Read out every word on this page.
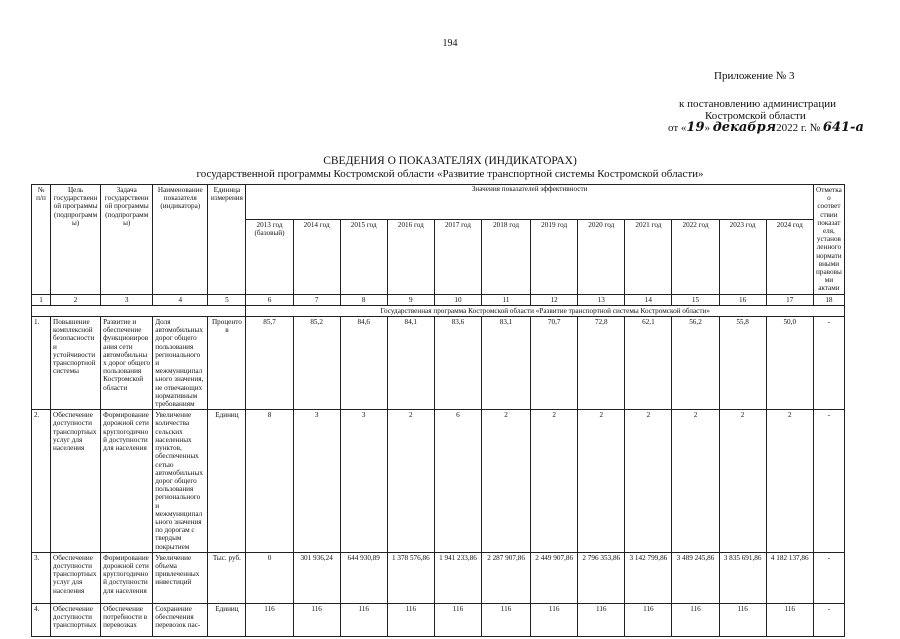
194
Приложение № 3
к постановлению администрации
Костромской области
от «19» декабря2022 г. № 641-а
СВЕДЕНИЯ О ПОКАЗАТЕЛЯХ (ИНДИКАТОРАХ)
государственной программы Костромской области «Развитие транспортной системы Костромской области»
№ п/п	Цель государственной программы (подпрограммы)	Задача государственной программы (подпрограммы)	Наименование показателя (индикатора)	Единица измерения	Значения показателей эффективности												Отметка о соответствии показателя, установленного нормативными правовыми актами
					2013 год (базовый)	2014 год	2015 год	2016 год	2017 год	2018 год	2019 год	2020 год	2021 год	2022 год	2023 год	2024 год	
1	2	3	4	5	6	7	8	9	10	11	12	13	14	15	16	17	18
					Государственная программа Костромской области «Развитие транспортной системы Костромской области»												
1.	Повышение комплексной безопасности и устойчивости транспортной системы	Развитие и обеспечение функционирования сети автомобильных дорог общего пользования Костромской области	Доля автомобильных дорог общего пользования регионального и межмуниципального значения, не отвечающих нормативным требованиям	Процентов	85,7	85,2	84,6	84,1	83,6	83,1	70,7	72,8	62,1	56,2	55,8	50,0	-
2.	Обеспечение доступности транспортных услуг для населения	Формирование дорожной сети круглогодичной доступности для населения	Увеличение количества сельских населенных пунктов, обеспеченных сетью автомобильных дорог общего пользования регионального и межмуниципального значения по дорогам с твердым покрытием	Единиц	8	3	3	2	6	2	2	2	2	2	2	2	-
3.	Обеспечение доступности транспортных услуг для населения	Формирование дорожной сети круглогодичной доступности для населения	Увеличение объема привлеченных инвестиций	Тыс. руб.	0	301 936,24	644 930,89	1 378 576,86	1 941 233,86	2 287 907,86	2 449 907,86	2 796 353,86	3 142 799,86	3 489 245,86	3 835 691,86	4 182 137,86	-
4.	Обеспечение доступности транспортных	Обеспечение потребности в перевозках	Сохранение обеспечения перевозок пас-	Единиц	116	116	116	116	116	116	116	116	116	116	116	116	-
